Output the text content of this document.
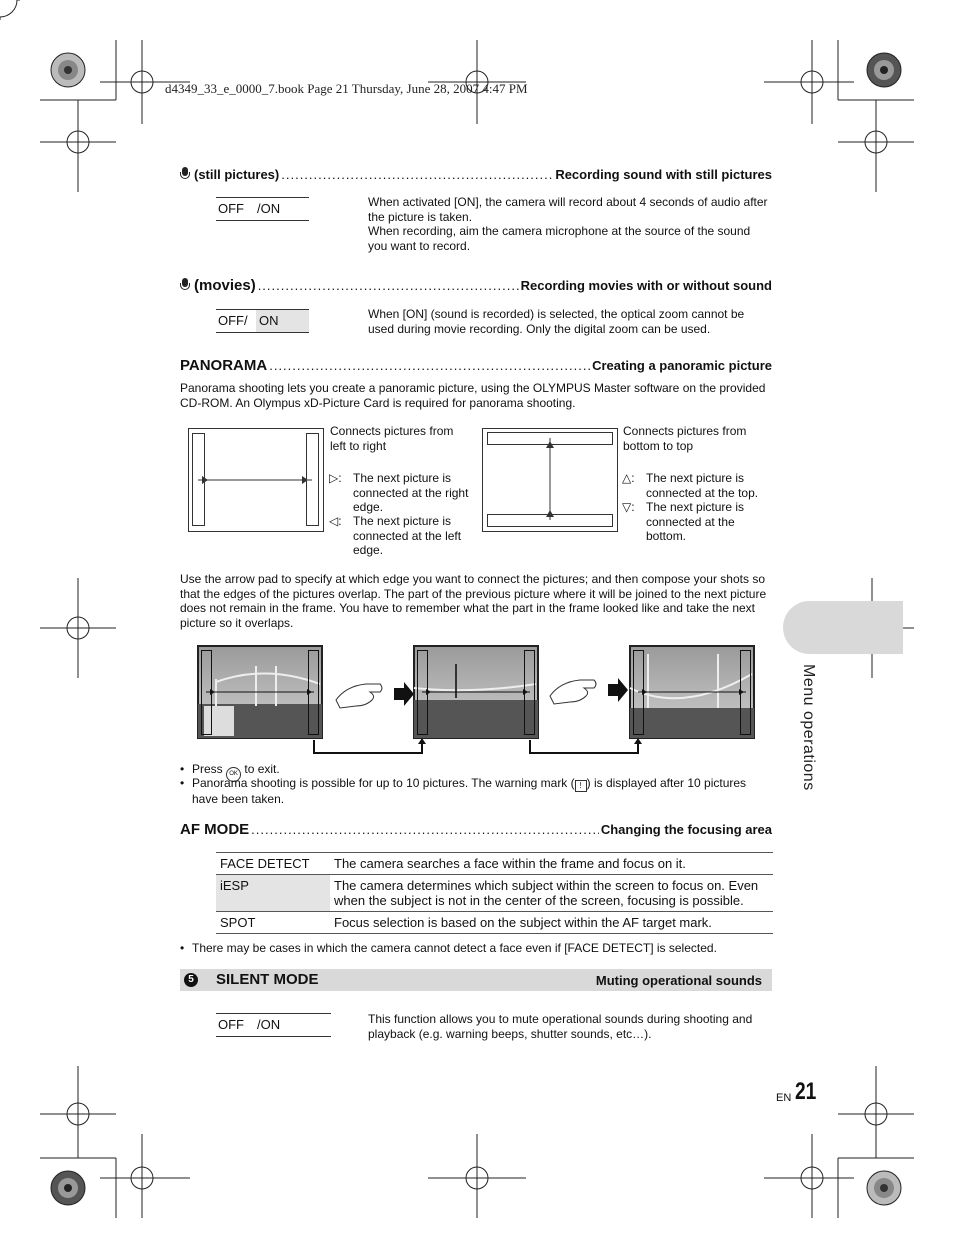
d4349_33_e_0000_7.book Page 21 Thursday, June 28, 2007 4:47 PM
(still pictures) .....	Recording sound with still pictures
OFF /ON	When activated [ON], the camera will record about 4 seconds of audio after the picture is taken.
When recording, aim the camera microphone at the source of the sound you want to record.
(movies) .....	Recording movies with or without sound
OFF/ ON	When [ON] (sound is recorded) is selected, the optical zoom cannot be used during movie recording. Only the digital zoom can be used.
PANORAMA .....	Creating a panoramic picture
Panorama shooting lets you create a panoramic picture, using the OLYMPUS Master software on the provided CD-ROM. An Olympus xD-Picture Card is required for panorama shooting.
Connects pictures from left to right
▷: The next picture is connected at the right edge.
◁: The next picture is connected at the left edge.
Connects pictures from bottom to top
△: The next picture is connected at the top.
▽: The next picture is connected at the bottom.
Use the arrow pad to specify at which edge you want to connect the pictures; and then compose your shots so that the edges of the pictures overlap. The part of the previous picture where it will be joined to the next picture does not remain in the frame. You have to remember what the part in the frame looked like and take the next picture so it overlaps.
• Press OK to exit.
• Panorama shooting is possible for up to 10 pictures. The warning mark ( ! ) is displayed after 10 pictures have been taken.
AF MODE .....	Changing the focusing area
FACE DETECT	The camera searches a face within the frame and focus on it.
iESP	The camera determines which subject within the screen to focus on. Even when the subject is not in the center of the screen, focusing is possible.
SPOT	Focus selection is based on the subject within the AF target mark.
• There may be cases in which the camera cannot detect a face even if [FACE DETECT] is selected.
5 SILENT MODE	Muting operational sounds
OFF /ON	This function allows you to mute operational sounds during shooting and playback (e.g. warning beeps, shutter sounds, etc…).
Menu operations
EN 21
